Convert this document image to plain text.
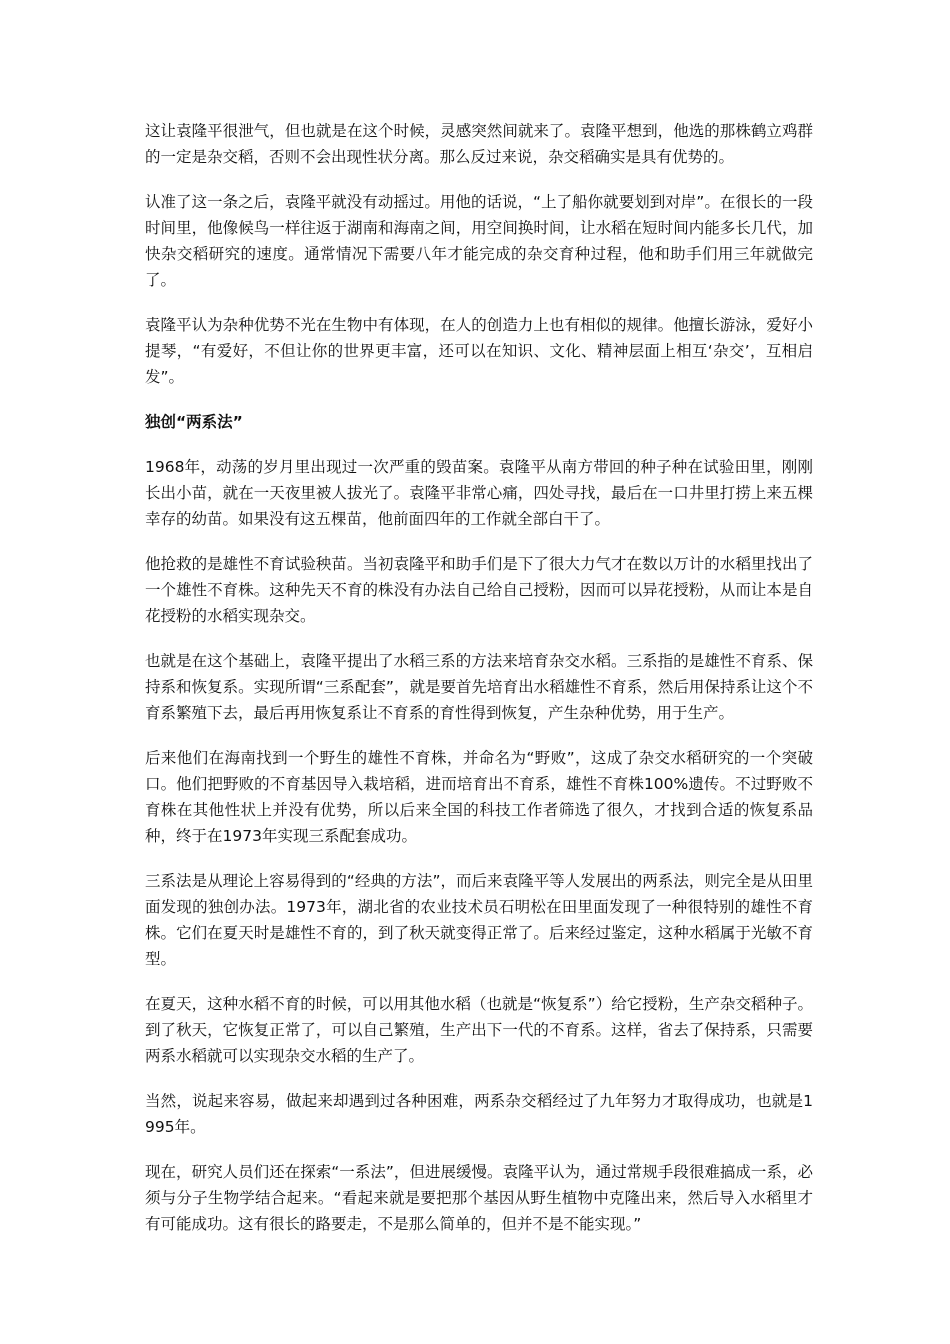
这让袁隆平很泄气，但也就是在这个时候，灵感突然间就来了。袁隆平想到，他选的那株鹤立鸡群的一定是杂交稻，否则不会出现性状分离。那么反过来说，杂交稻确实是具有优势的。

认准了这一条之后，袁隆平就没有动摇过。用他的话说，“上了船你就要划到对岸”。在很长的一段时间里，他像候鸟一样往返于湖南和海南之间，用空间换时间，让水稻在短时间内能多长几代，加快杂交稻研究的速度。通常情况下需要八年才能完成的杂交育种过程，他和助手们用三年就做完了。

袁隆平认为杂种优势不光在生物中有体现，在人的创造力上也有相似的规律。他擅长游泳，爱好小提琴，“有爱好，不但让你的世界更丰富，还可以在知识、文化、精神层面上相互‘杂交’，互相启发”。

独创“两系法”

1968年，动荡的岁月里出现过一次严重的毁苗案。袁隆平从南方带回的种子种在试验田里，刚刚长出小苗，就在一天夜里被人拔光了。袁隆平非常心痛，四处寻找，最后在一口井里打捞上来五棵幸存的幼苗。如果没有这五棵苗，他前面四年的工作就全部白干了。

他抢救的是雄性不育试验秧苗。当初袁隆平和助手们是下了很大力气才在数以万计的水稻里找出了一个雄性不育株。这种先天不育的株没有办法自己给自己授粉，因而可以异花授粉，从而让本是自花授粉的水稻实现杂交。

也就是在这个基础上，袁隆平提出了水稻三系的方法来培育杂交水稻。三系指的是雄性不育系、保持系和恢复系。实现所谓“三系配套”，就是要首先培育出水稻雄性不育系，然后用保持系让这个不育系繁殖下去，最后再用恢复系让不育系的育性得到恢复，产生杂种优势，用于生产。

后来他们在海南找到一个野生的雄性不育株，并命名为“野败”，这成了杂交水稻研究的一个突破口。他们把野败的不育基因导入栽培稻，进而培育出不育系，雄性不育株100%遗传。不过野败不育株在其他性状上并没有优势，所以后来全国的科技工作者筛选了很久，才找到合适的恢复系品种，终于在1973年实现三系配套成功。

三系法是从理论上容易得到的“经典的方法”，而后来袁隆平等人发展出的两系法，则完全是从田里面发现的独创办法。1973年，湖北省的农业技术员石明松在田里面发现了一种很特别的雄性不育株。它们在夏天时是雄性不育的，到了秋天就变得正常了。后来经过鉴定，这种水稻属于光敏不育型。

在夏天，这种水稻不育的时候，可以用其他水稻（也就是“恢复系”）给它授粉，生产杂交稻种子。到了秋天，它恢复正常了，可以自己繁殖，生产出下一代的不育系。这样，省去了保持系，只需要两系水稻就可以实现杂交水稻的生产了。

当然，说起来容易，做起来却遇到过各种困难，两系杂交稻经过了九年努力才取得成功，也就是1995年。

现在，研究人员们还在探索“一系法”，但进展缓慢。袁隆平认为，通过常规手段很难搞成一系，必须与分子生物学结合起来。“看起来就是要把那个基因从野生植物中克隆出来，然后导入水稻里才有可能成功。这有很长的路要走，不是那么简单的，但并不是不能实现。”
